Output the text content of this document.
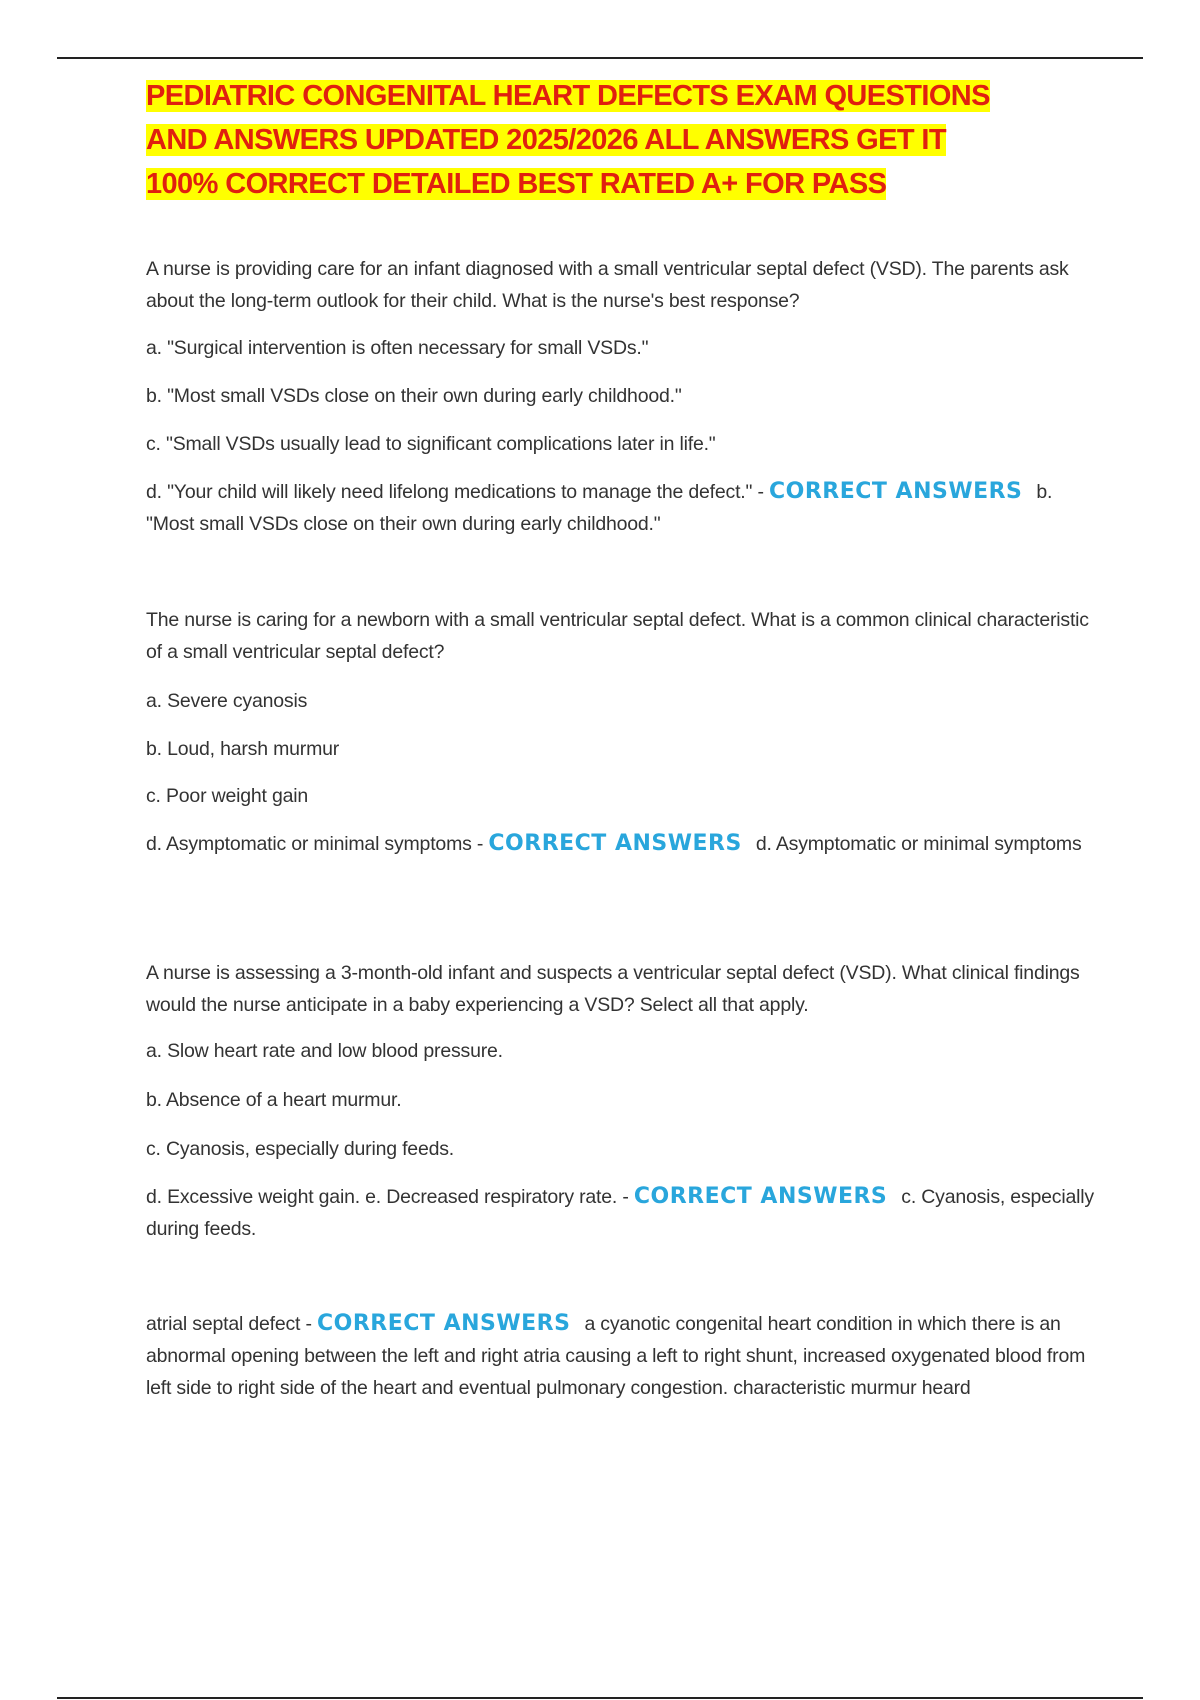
PEDIATRIC CONGENITAL HEART DEFECTS EXAM QUESTIONS
AND ANSWERS UPDATED 2025/2026 ALL ANSWERS GET IT
100% CORRECT DETAILED BEST RATED A+ FOR PASS
A nurse is providing care for an infant diagnosed with a small ventricular septal defect (VSD). The parents ask about the long-term outlook for their child. What is the nurse's best response?
a. "Surgical intervention is often necessary for small VSDs."
b. "Most small VSDs close on their own during early childhood."
c. "Small VSDs usually lead to significant complications later in life."
d. "Your child will likely need lifelong medications to manage the defect." - CORRECT ANSWERS b. "Most small VSDs close on their own during early childhood."
The nurse is caring for a newborn with a small ventricular septal defect. What is a common clinical characteristic of a small ventricular septal defect?
a. Severe cyanosis
b. Loud, harsh murmur
c. Poor weight gain
d. Asymptomatic or minimal symptoms - CORRECT ANSWERS d. Asymptomatic or minimal symptoms
A nurse is assessing a 3-month-old infant and suspects a ventricular septal defect (VSD). What clinical findings would the nurse anticipate in a baby experiencing a VSD? Select all that apply.
a. Slow heart rate and low blood pressure.
b. Absence of a heart murmur.
c. Cyanosis, especially during feeds.
d. Excessive weight gain. e. Decreased respiratory rate. - CORRECT ANSWERS c. Cyanosis, especially during feeds.
atrial septal defect - CORRECT ANSWERS a cyanotic congenital heart condition in which there is an abnormal opening between the left and right atria causing a left to right shunt, increased oxygenated blood from left side to right side of the heart and eventual pulmonary congestion. characteristic murmur heard
